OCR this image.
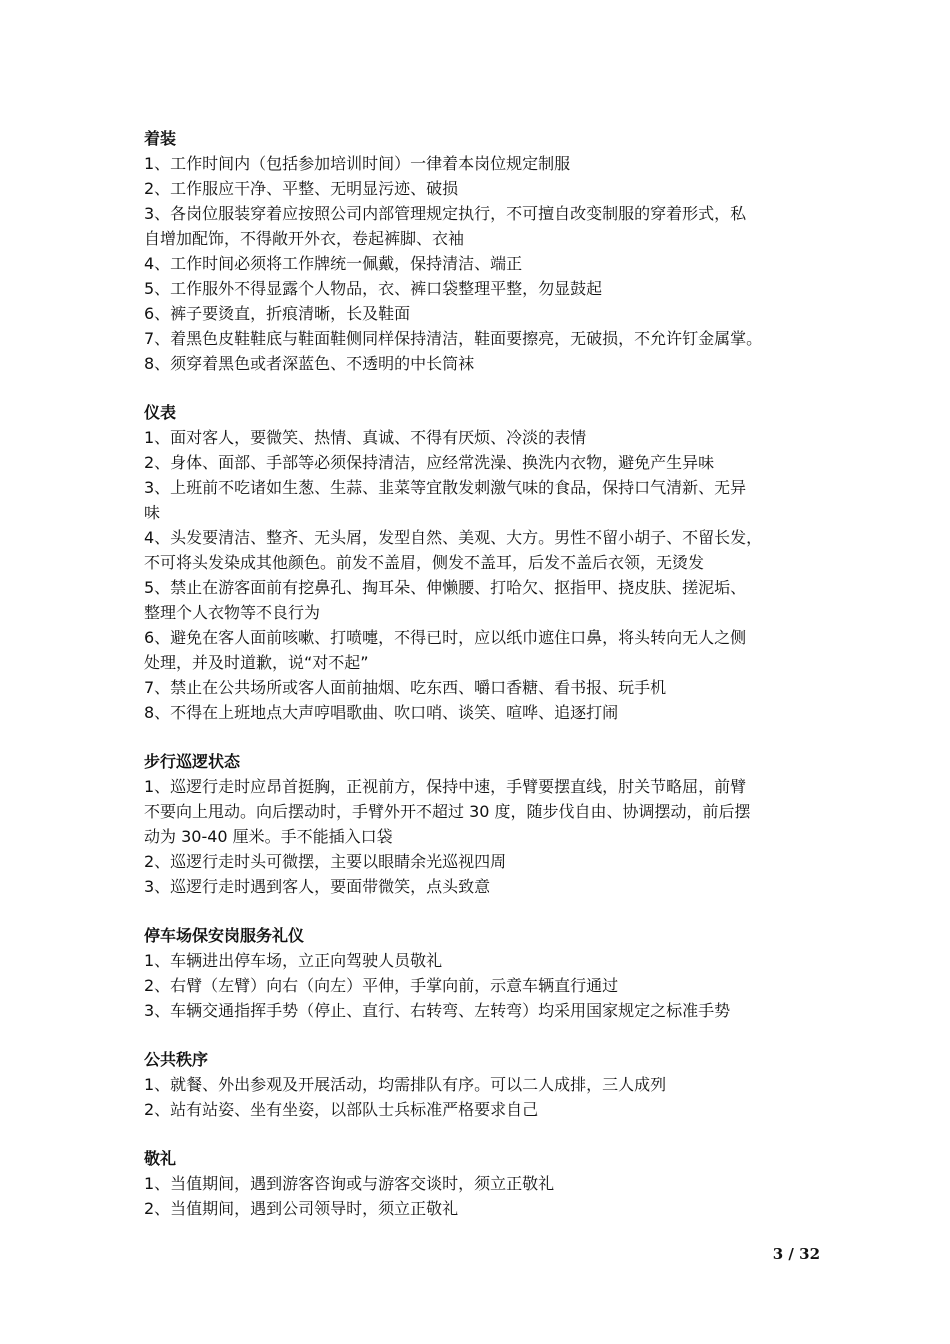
着装
1、工作时间内（包括参加培训时间）一律着本岗位规定制服
2、工作服应干净、平整、无明显污迹、破损
3、各岗位服装穿着应按照公司内部管理规定执行，不可擅自改变制服的穿着形式，私
自增加配饰，不得敞开外衣，卷起裤脚、衣袖
4、工作时间必须将工作牌统一佩戴，保持清洁、端正
5、工作服外不得显露个人物品，衣、裤口袋整理平整，勿显鼓起
6、裤子要烫直，折痕清晰，长及鞋面
7、着黑色皮鞋鞋底与鞋面鞋侧同样保持清洁，鞋面要擦亮，无破损，不允许钉金属掌。
8、须穿着黑色或者深蓝色、不透明的中长筒袜
仪表
1、面对客人，要微笑、热情、真诚、不得有厌烦、冷淡的表情
2、身体、面部、手部等必须保持清洁，应经常洗澡、换洗内衣物，避免产生异味
3、上班前不吃诸如生葱、生蒜、韭菜等宜散发刺激气味的食品，保持口气清新、无异
味
4、头发要清洁、整齐、无头屑，发型自然、美观、大方。男性不留小胡子、不留长发，
不可将头发染成其他颜色。前发不盖眉，侧发不盖耳，后发不盖后衣领，无烫发
5、禁止在游客面前有挖鼻孔、掏耳朵、伸懒腰、打哈欠、抠指甲、挠皮肤、搓泥垢、
整理个人衣物等不良行为
6、避免在客人面前咳嗽、打喷嚏，不得已时，应以纸巾遮住口鼻，将头转向无人之侧
处理，并及时道歉，说“对不起”
7、禁止在公共场所或客人面前抽烟、吃东西、嚼口香糖、看书报、玩手机
8、不得在上班地点大声哼唱歌曲、吹口哨、谈笑、喧哗、追逐打闹
步行巡逻状态
1、巡逻行走时应昂首挺胸，正视前方，保持中速，手臂要摆直线，肘关节略屈，前臂
不要向上甩动。向后摆动时，手臂外开不超过 30 度，随步伐自由、协调摆动，前后摆
动为 30-40 厘米。手不能插入口袋
2、巡逻行走时头可微摆，主要以眼睛余光巡视四周
3、巡逻行走时遇到客人，要面带微笑，点头致意
停车场保安岗服务礼仪
1、车辆进出停车场，立正向驾驶人员敬礼
2、右臂（左臂）向右（向左）平伸，手掌向前，示意车辆直行通过
3、车辆交通指挥手势（停止、直行、右转弯、左转弯）均采用国家规定之标准手势
公共秩序
1、就餐、外出参观及开展活动，均需排队有序。可以二人成排，三人成列
2、站有站姿、坐有坐姿，以部队士兵标准严格要求自己
敬礼
1、当值期间，遇到游客咨询或与游客交谈时，须立正敬礼
2、当值期间，遇到公司领导时，须立正敬礼
3 / 32
